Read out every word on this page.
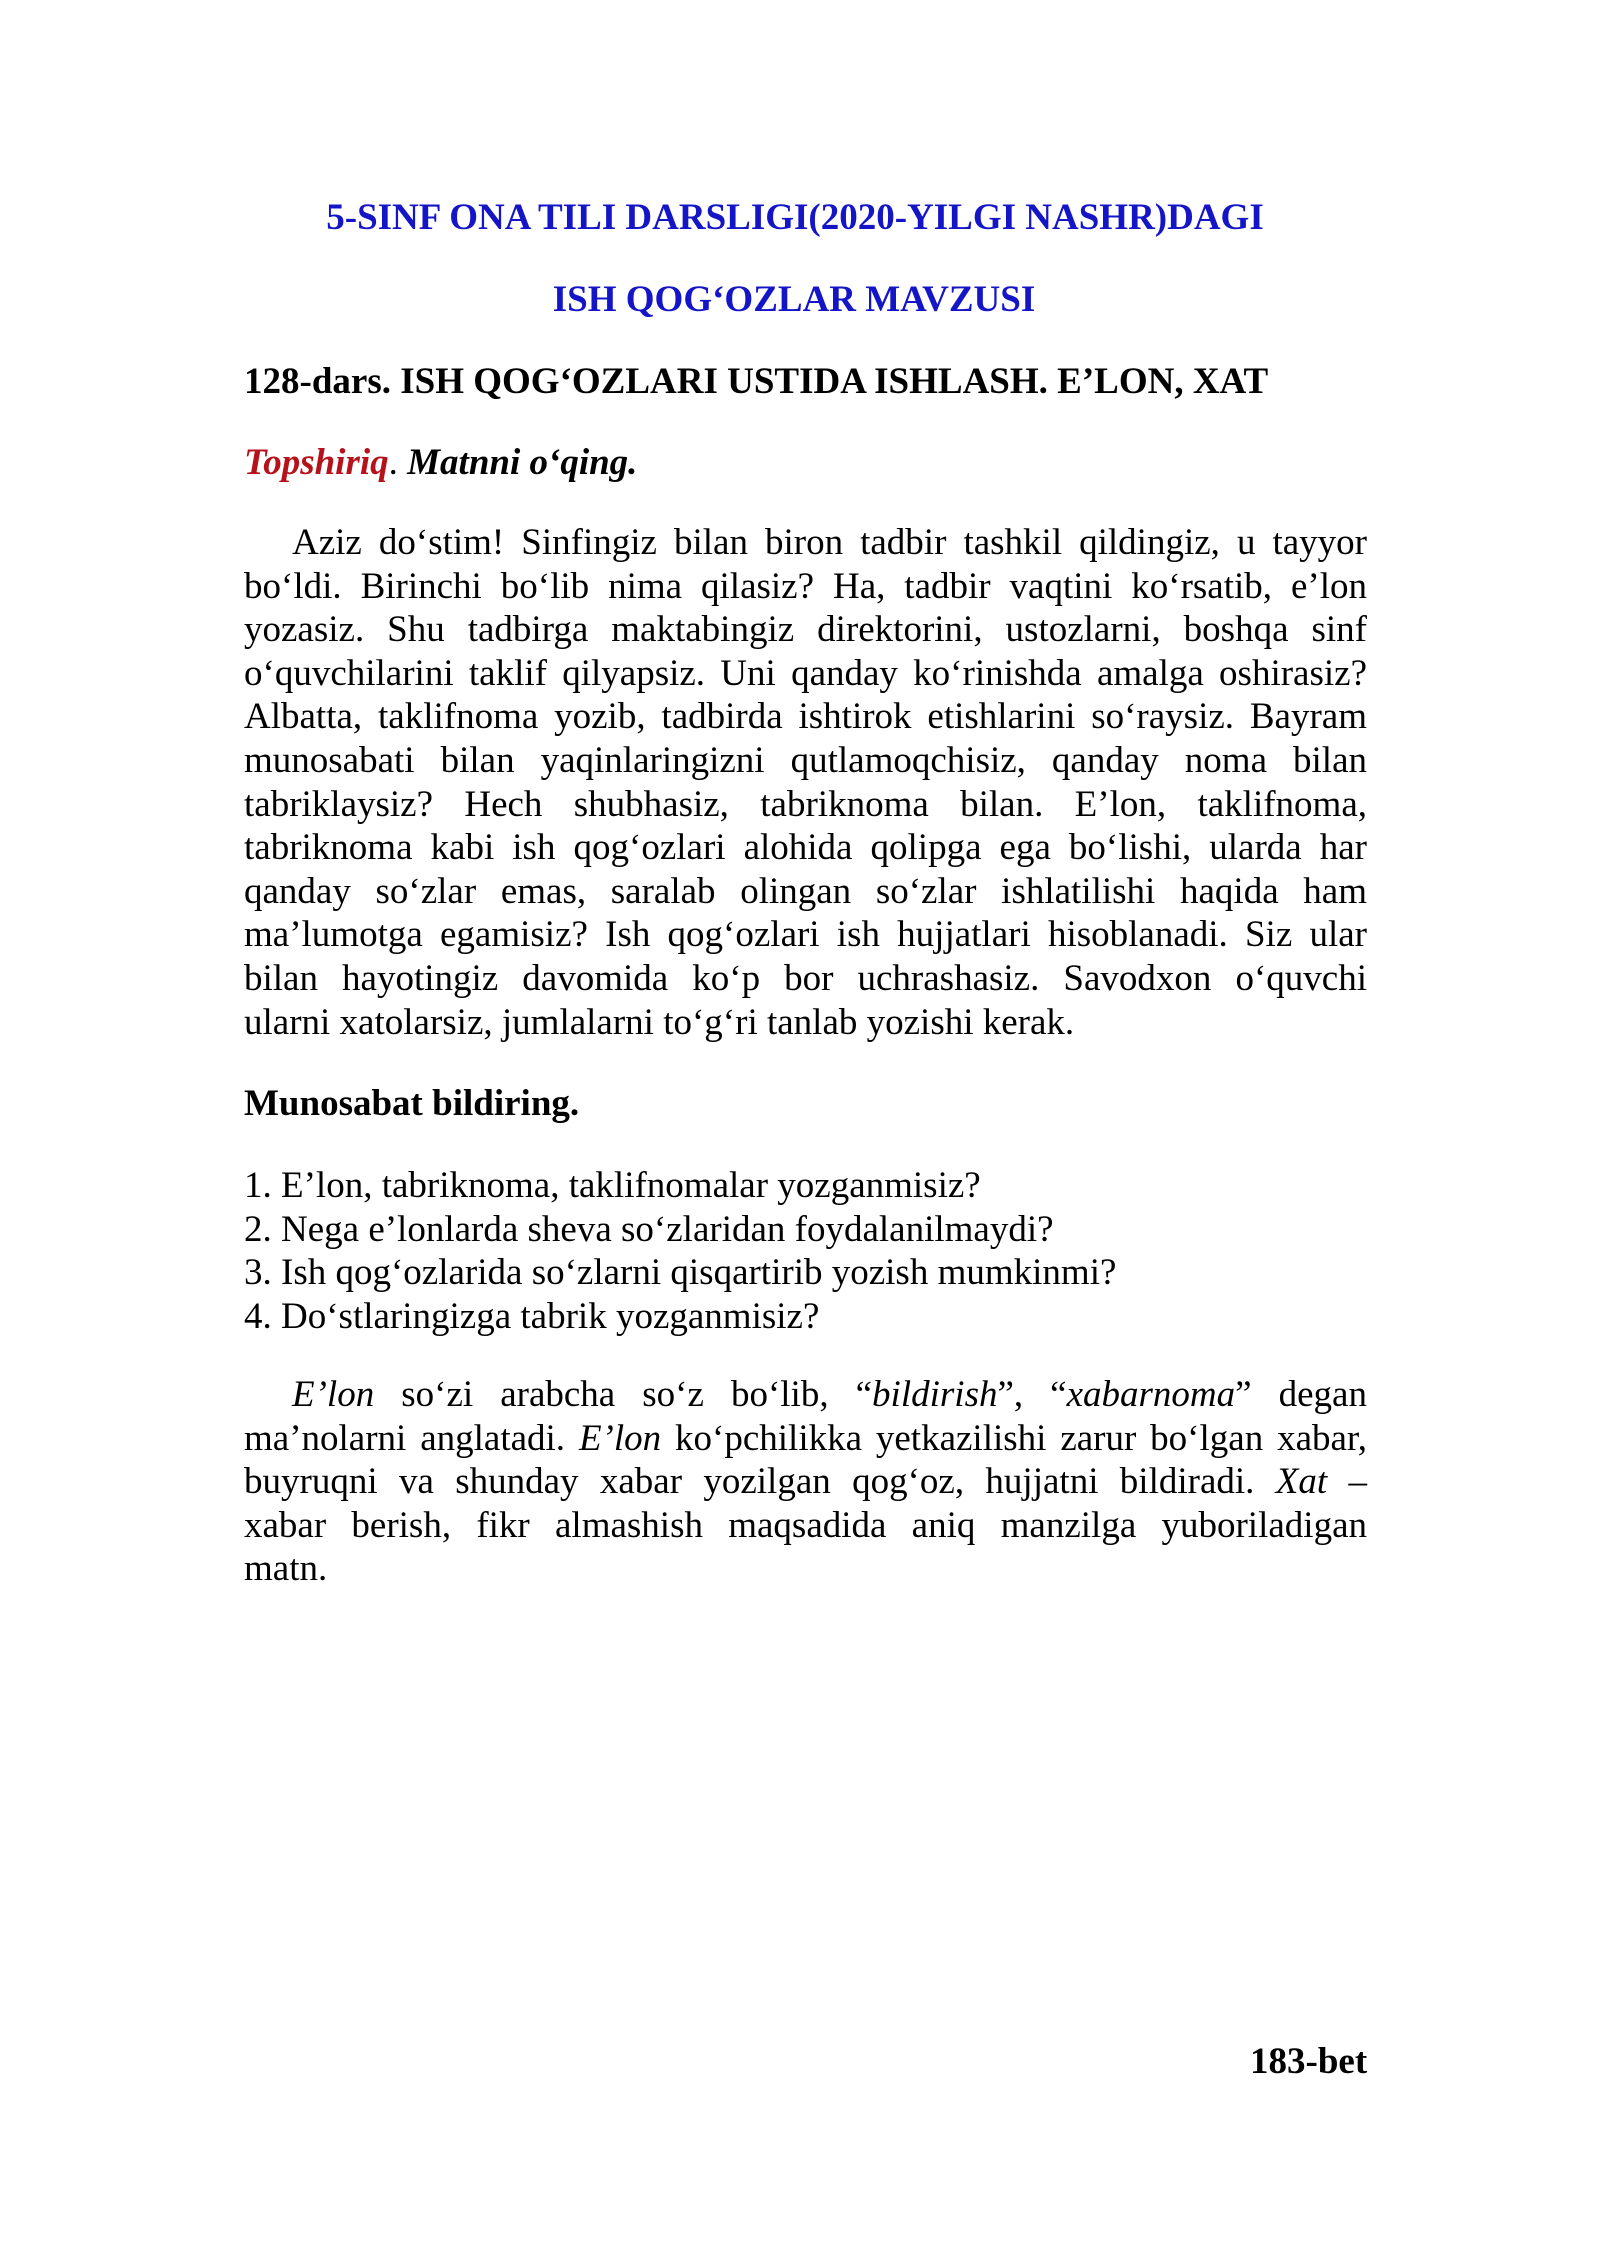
5-SINF ONA TILI DARSLIGI(2020-YILGI NASHR)DAGI
ISH QOG‘OZLAR MAVZUSI
128-dars. ISH QOG‘OZLARI USTIDA ISHLASH. E’LON, XAT
Topshiriq. Matnni o‘qing.
Aziz do‘stim! Sinfingiz bilan biron tadbir tashkil qildingiz, u tayyor
bo‘ldi. Birinchi bo‘lib nima qilasiz? Ha, tadbir vaqtini ko‘rsatib, e’lon
yozasiz. Shu tadbirga maktabingiz direktorini, ustozlarni, boshqa sinf
o‘quvchilarini taklif qilyapsiz. Uni qanday ko‘rinishda amalga oshirasiz?
Albatta, taklifnoma yozib, tadbirda ishtirok etishlarini so‘raysiz. Bayram
munosabati bilan yaqinlaringizni qutlamoqchisiz, qanday noma bilan
tabriklaysiz? Hech shubhasiz, tabriknoma bilan. E’lon, taklifnoma,
tabriknoma kabi ish qog‘ozlari alohida qolipga ega bo‘lishi, ularda har
qanday so‘zlar emas, saralab olingan so‘zlar ishlatilishi haqida ham
ma’lumotga egamisiz? Ish qog‘ozlari ish hujjatlari hisoblanadi. Siz ular
bilan hayotingiz davomida ko‘p bor uchrashasiz. Savodxon o‘quvchi
ularni xatolarsiz, jumlalarni to‘g‘ri tanlab yozishi kerak.
Munosabat bildiring.
1. E’lon, tabriknoma, taklifnomalar yozganmisiz?
2. Nega e’lonlarda sheva so‘zlaridan foydalanilmaydi?
3. Ish qog‘ozlarida so‘zlarni qisqartirib yozish mumkinmi?
4. Do‘stlaringizga tabrik yozganmisiz?
E’lon so‘zi arabcha so‘z bo‘lib, “bildirish”, “xabarnoma” degan
ma’nolarni anglatadi. E’lon ko‘pchilikka yetkazilishi zarur bo‘lgan xabar,
buyruqni va shunday xabar yozilgan qog‘oz, hujjatni bildiradi. Xat –
xabar berish, fikr almashish maqsadida aniq manzilga yuboriladigan
matn.
183-bet
